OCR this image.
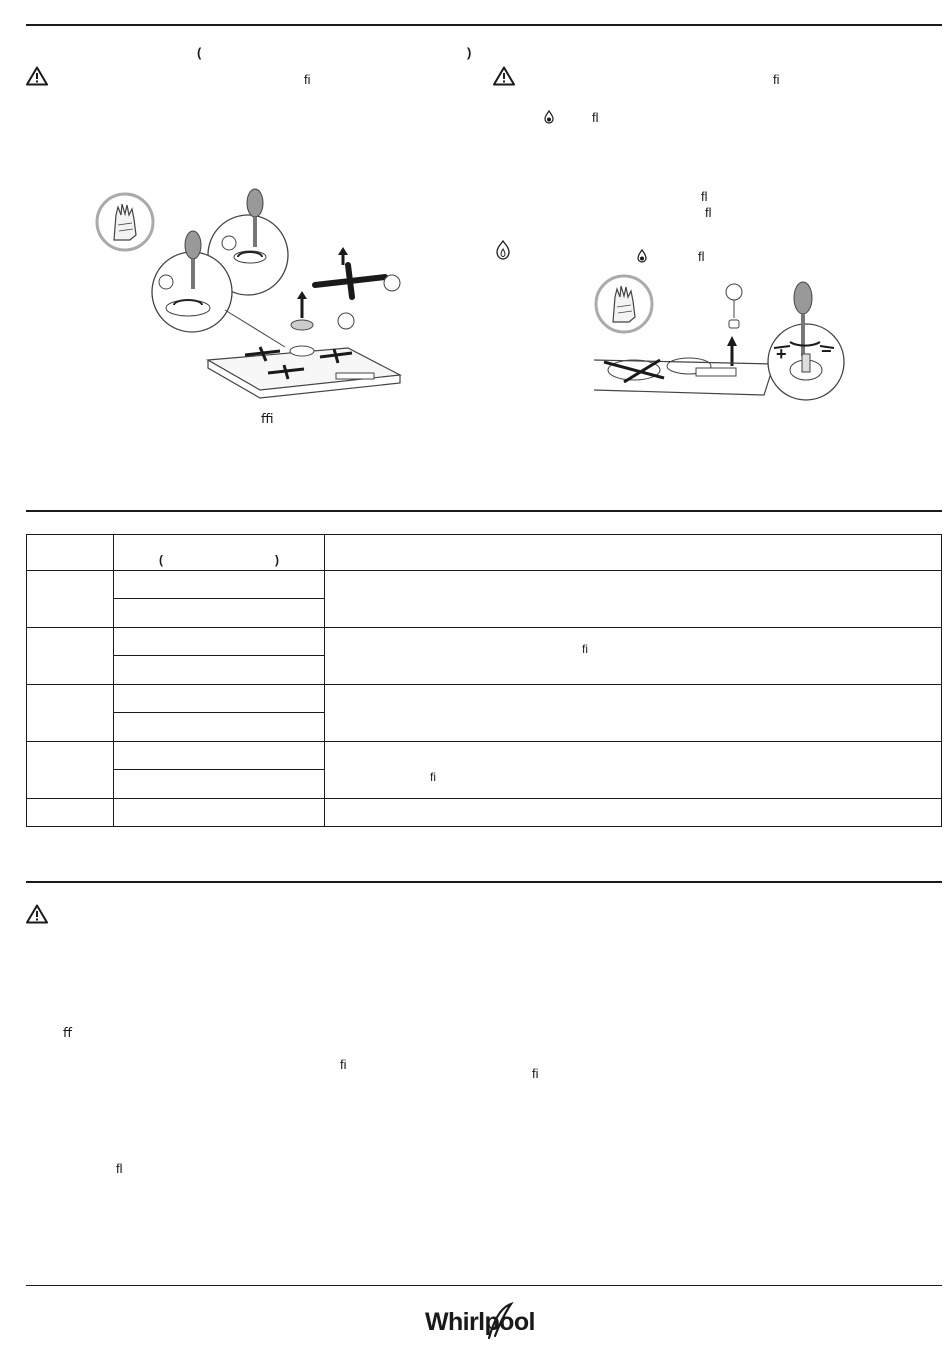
(	)
ﬁ
ﬃ
ﬁ
ﬂ
ﬂ
ﬂ
ﬂ
+ −

	( )	

		ﬁ

		ﬁ

ﬀ
ﬁ
ﬁ
ﬂ
Whirlpool
